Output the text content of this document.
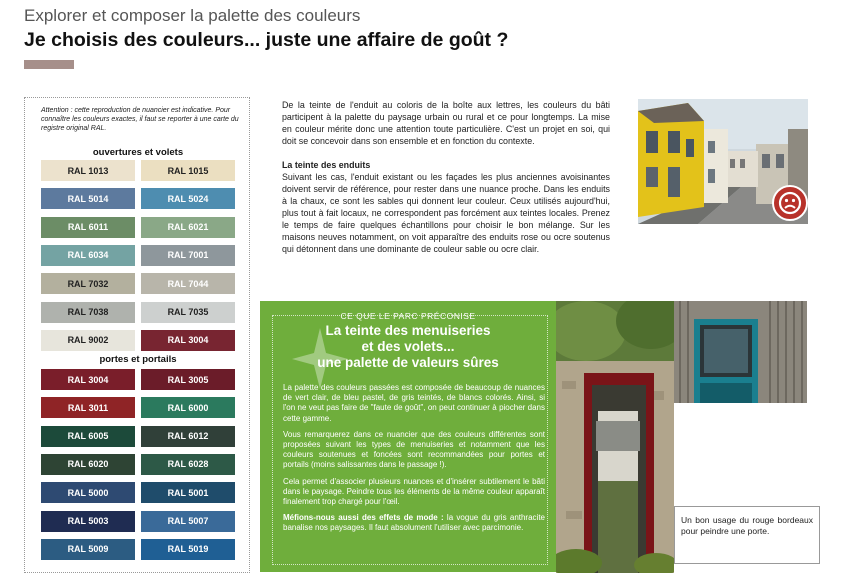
Explorer et composer la palette des couleurs
Je choisis des couleurs... juste une affaire de goût ?
Attention : cette reproduction de nuancier est indicative. Pour connaître les couleurs exactes, il faut se reporter à une carte du registre original RAL.
ouvertures et volets
RAL 1013	RAL 1015
RAL 5014	RAL 5024
RAL 6011	RAL 6021
RAL 6034	RAL 7001
RAL 7032	RAL 7044
RAL 7038	RAL 7035
RAL 9002	RAL 3004
portes et portails
RAL 3004	RAL 3005
RAL 3011	RAL 6000
RAL 6005	RAL 6012
RAL 6020	RAL 6028
RAL 5000	RAL 5001
RAL 5003	RAL 5007
RAL 5009	RAL 5019

De la teinte de l'enduit au coloris de la boîte aux lettres, les couleurs du bâti participent à la palette du paysage urbain ou rural et ce pour longtemps. La mise en couleur mérite donc une attention toute particulière. C'est un projet en soi, qui doit se concevoir dans son ensemble et en fonction du contexte.

La teinte des enduits

Suivant les cas, l'enduit existant ou les façades les plus anciennes avoisinantes doivent servir de référence, pour rester dans une nuance proche. Dans les enduits à la chaux, ce sont les sables qui donnent leur couleur. Ceux utilisés aujourd'hui, plus tout à fait locaux, ne correspondent pas forcément aux teintes locales. Prenez le temps de faire quelques échantillons pour choisir le bon mélange. Sur les maisons neuves notamment, on voit apparaître des enduits rose ou ocre soutenus qui détonnent dans une dominante de couleur sable ou ocre clair.

Un peu de couleur d'accord, mais ici on peut s'interroger sur son harmonie avec la palette de couleurs de la rue… Le Gué-de-Velluire (85).
Sur un bâti contemporain, une couleur plus tonique et originale fonctionne au milieu de toutes les nuances de gris du bardage. Arçais (79).
Un bon usage du rouge bordeaux pour peindre une porte.
CE QUE LE PARC PRÉCONISE
La teinte des menuiseries
et des volets...
une palette de valeurs sûres

La palette des couleurs passées est composée de beaucoup de nuances de vert clair, de bleu pastel, de gris teintés, de blancs colorés. Ainsi, si l'on ne veut pas faire de "faute de goût", on peut continuer à piocher dans cette gamme.

Vous remarquerez dans ce nuancier que des couleurs différentes sont proposées suivant les types de menuiseries et notamment que les couleurs soutenues et foncées sont recommandées pour portes et portails (moins salissantes dans le passage !).

Cela permet d'associer plusieurs nuances et d'insérer subtilement le bâti dans le paysage. Peindre tous les éléments de la même couleur apparaît finalement trop chargé pour l'œil.

Méfions-nous aussi des effets de mode : la vogue du gris anthracite banalise nos paysages. Il faut absolument l'utiliser avec parcimonie.
